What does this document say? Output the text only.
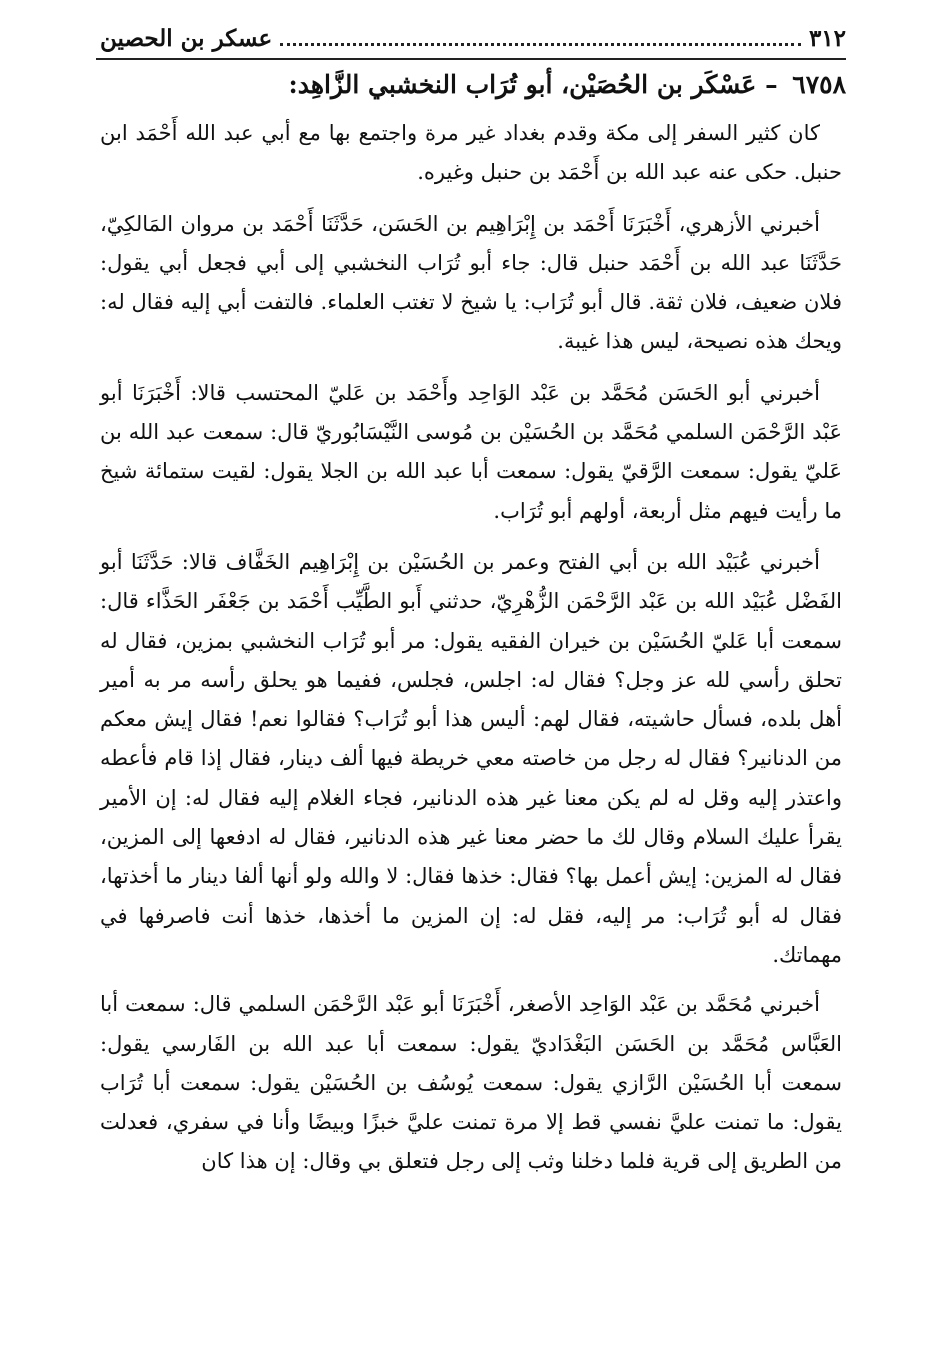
٣١٢
عسكر بن الحصين
٦٧٥٨ – عَسْكَر بن الحُصَيْن، أبو تُرَاب النخشبي الزَّاهِد:

كان كثير السفر إلى مكة وقدم بغداد غير مرة واجتمع بها مع أبي عبد الله أَحْمَد ابن حنبل. حكى عنه عبد الله بن أَحْمَد بن حنبل وغيره.

أخبرني الأزهري، أَخْبَرَنَا أَحْمَد بن إِبْرَاهِيم بن الحَسَن، حَدَّثَنَا أَحْمَد بن مروان المَالكِيّ، حَدَّثَنَا عبد الله بن أَحْمَد حنبل قال: جاء أبو تُرَاب النخشبي إلى أبي فجعل أبي يقول: فلان ضعيف، فلان ثقة. قال أبو تُرَاب: يا شيخ لا تغتب العلماء. فالتفت أبي إليه فقال له: ويحك هذه نصيحة، ليس هذا غيبة.

أخبرني أبو الحَسَن مُحَمَّد بن عَبْد الوَاحِد وأَحْمَد بن عَليّ المحتسب قالا: أَخْبَرَنَا أبو عَبْد الرَّحْمَن السلمي مُحَمَّد بن الحُسَيْن بن مُوسى النَّيْسَابُوريّ قال: سمعت عبد الله بن عَليّ يقول: سمعت الرَّقيّ يقول: سمعت أبا عبد الله بن الجلا يقول: لقيت ستمائة شيخ ما رأيت فيهم مثل أربعة، أولهم أبو تُرَاب.

أخبرني عُبَيْد الله بن أبي الفتح وعمر بن الحُسَيْن بن إِبْرَاهِيم الخَفَّاف قالا: حَدَّثَنَا أبو الفَضْل عُبَيْد الله بن عَبْد الرَّحْمَن الزُّهْرِيّ، حدثني أَبو الطَّيِّب أَحْمَد بن جَعْفَر الحَذَّاء قال: سمعت أبا عَليّ الحُسَيْن بن خيران الفقيه يقول: مر أبو تُرَاب النخشبي بمزين، فقال له تحلق رأسي لله عز وجل؟ فقال له: اجلس، فجلس، ففيما هو يحلق رأسه مر به أمير أهل بلده، فسأل حاشيته، فقال لهم: أليس هذا أبو تُرَاب؟ فقالوا نعم! فقال إيش معكم من الدنانير؟ فقال له رجل من خاصته معي خريطة فيها ألف دينار، فقال إذا قام فأعطه واعتذر إليه وقل له لم يكن معنا غير هذه الدنانير، فجاء الغلام إليه فقال له: إن الأمير يقرأ عليك السلام وقال لك ما حضر معنا غير هذه الدنانير، فقال له ادفعها إلى المزين، فقال له المزين: إيش أعمل بها؟ فقال: خذها فقال: لا والله ولو أنها ألفا دينار ما أخذتها، فقال له أبو تُرَاب: مر إليه، فقل له: إن المزين ما أخذها، خذها أنت فاصرفها في مهماتك.

أخبرني مُحَمَّد بن عَبْد الوَاحِد الأصغر، أَخْبَرَنَا أبو عَبْد الرَّحْمَن السلمي قال: سمعت أبا العَبَّاس مُحَمَّد بن الحَسَن البَغْدَاديّ يقول: سمعت أبا عبد الله بن الفَارسي يقول: سمعت أبا الحُسَيْن الرَّازي يقول: سمعت يُوسُف بن الحُسَيْن يقول: سمعت أبا تُرَاب يقول: ما تمنت عليَّ نفسي قط إلا مرة تمنت عليَّ خبزًا وبيضًا وأنا في سفري، فعدلت من الطريق إلى قرية فلما دخلنا وثب إلى رجل فتعلق بي وقال: إن هذا كان
